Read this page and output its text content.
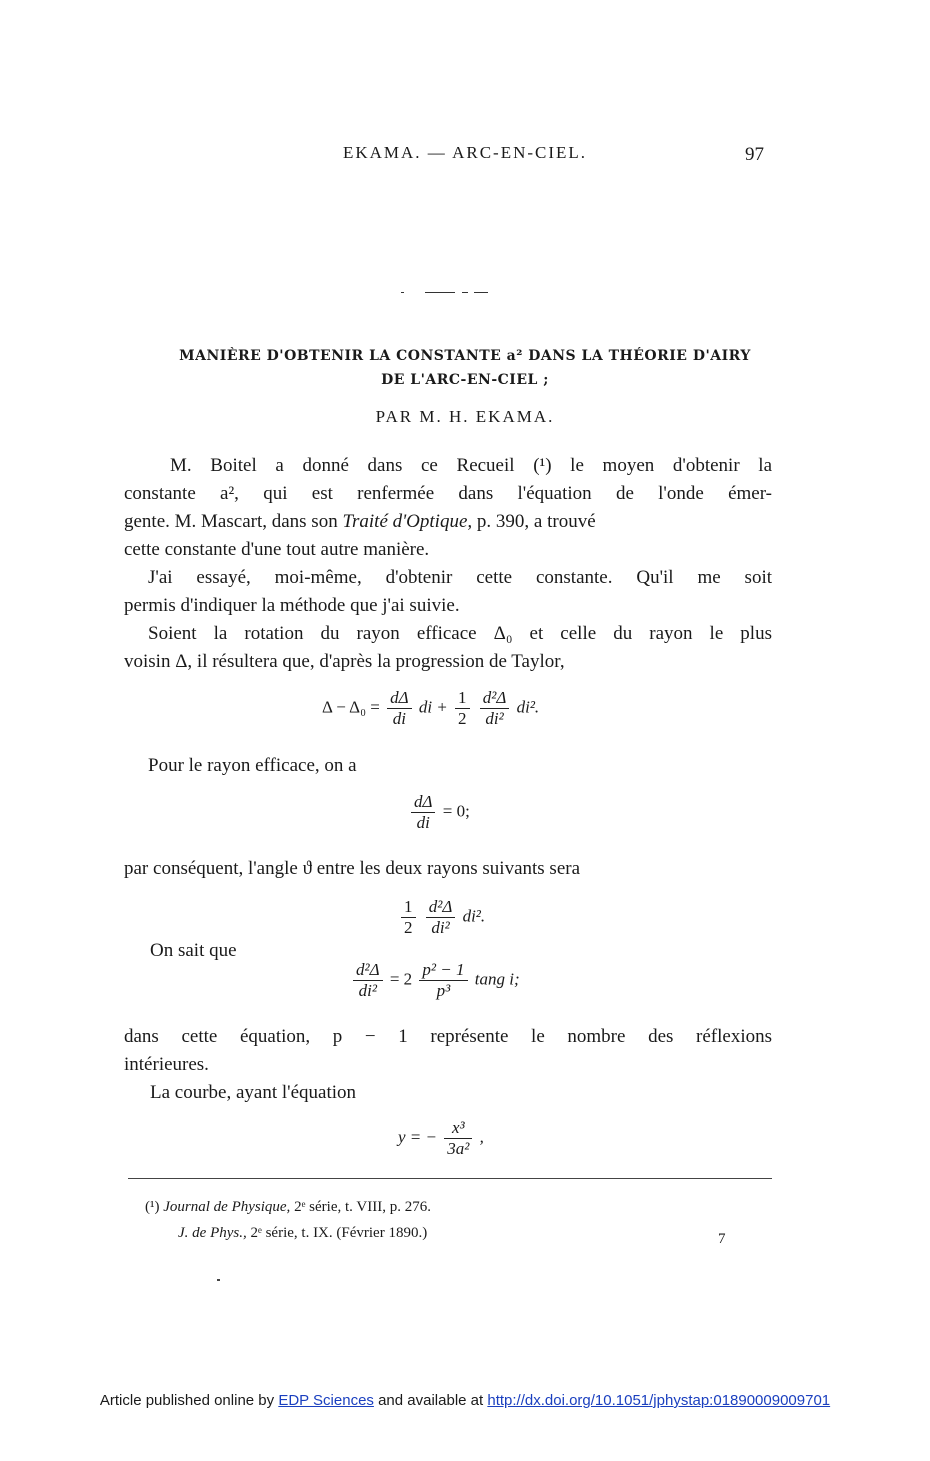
EKAMA. — ARC-EN-CIEL.	97
MANIÈRE D'OBTENIR LA CONSTANTE a² DANS LA THÉORIE D'AIRY
DE L'ARC-EN-CIEL ;
PAR M. H. EKAMA.
M. Boitel a donné dans ce Recueil (¹) le moyen d'obtenir la
constante a², qui est renfermée dans l'équation de l'onde émer-
gente. M. Mascart, dans son Traité d'Optique, p. 390, a trouvé
cette constante d'une tout autre manière.
J'ai essayé, moi-même, d'obtenir cette constante. Qu'il me soit
permis d'indiquer la méthode que j'ai suivie.
Soient la rotation du rayon efficace Δ₀ et celle du rayon le plus
voisin Δ, il résultera que, d'après la progression de Taylor,
$\Delta - \Delta_0 = \frac{d\Delta}{di}$ di + $\frac{1}{2}$
$\frac{\text{d²Δ}}{\text{di²}} di^2$.
Pour le rayon efficace, on a
$\frac{d\Delta}{di} = 0$;
par conséquent, l'angle ϑ entre les deux rayons suivants sera
$\frac{1}{2}$
$\frac{\text{d²Δ}}{\text{di²}} di^2$.
On sait que
$\frac{\text{d²Δ}}{\text{di²}} = 2 \frac{\text{p² − 1}}{\text{p³}}$ tang i;
dans cette équation, p − 1 représente le nombre des réflexions
intérieures.
La courbe, ayant l'équation
y = − $\frac{\text{x³}}{\text{3a²}}$ ,
(¹) Journal de Physique, 2ᵉ série, t. VIII, p. 276.
J. de Phys., 2ᵉ série, t. IX. (Février 1890.)	7
Article published online by EDP Sciences and available at http://dx.doi.org/10.1051/jphystap:01890009009701
